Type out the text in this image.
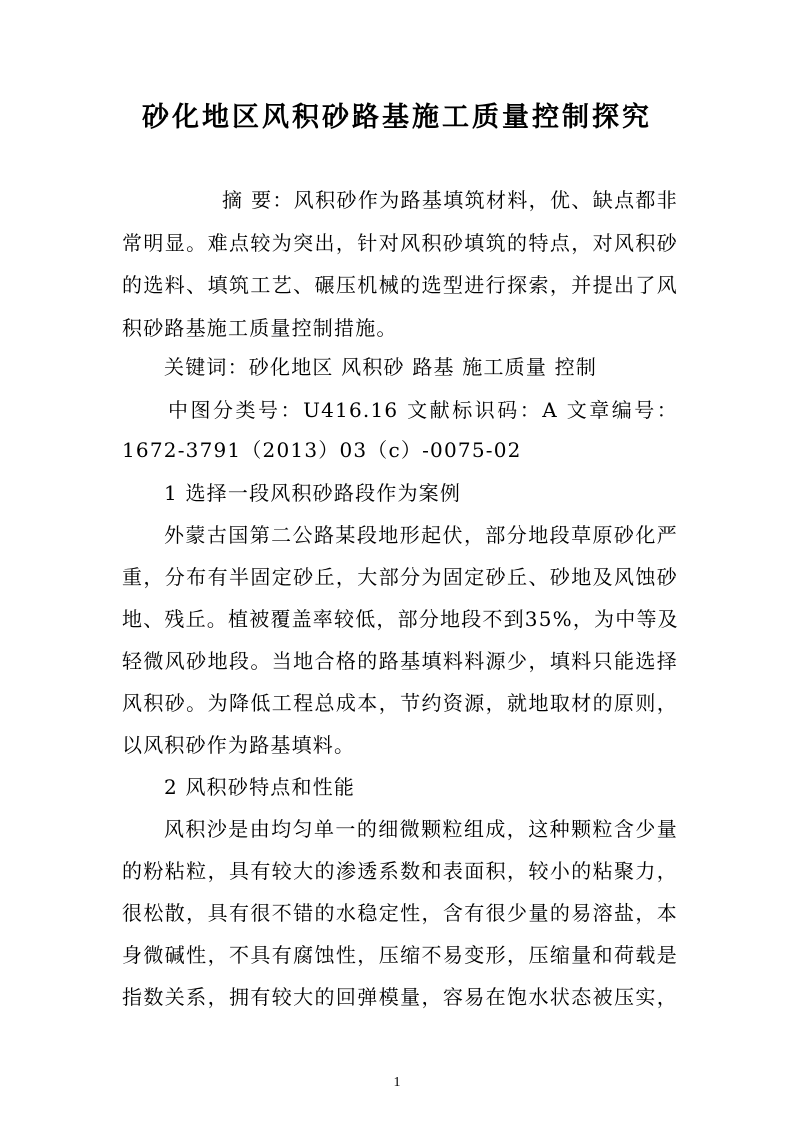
砂化地区风积砂路基施工质量控制探究
摘 要：风积砂作为路基填筑材料，优、缺点都非
常明显。难点较为突出，针对风积砂填筑的特点，对风积砂
的选料、填筑工艺、碾压机械的选型进行探索，并提出了风
积砂路基施工质量控制措施。
关键词：砂化地区 风积砂 路基 施工质量 控制
中图分类号：U416.16 文献标识码：A 文章编号：
1672-3791（2013）03（c）-0075-02
1 选择一段风积砂路段作为案例
外蒙古国第二公路某段地形起伏，部分地段草原砂化严
重，分布有半固定砂丘，大部分为固定砂丘、砂地及风蚀砂
地、残丘。植被覆盖率较低，部分地段不到35%，为中等及
轻微风砂地段。当地合格的路基填料料源少，填料只能选择
风积砂。为降低工程总成本，节约资源，就地取材的原则，
以风积砂作为路基填料。
2 风积砂特点和性能
风积沙是由均匀单一的细微颗粒组成，这种颗粒含少量
的粉粘粒，具有较大的渗透系数和表面积，较小的粘聚力，
很松散，具有很不错的水稳定性，含有很少量的易溶盐，本
身微碱性，不具有腐蚀性，压缩不易变形，压缩量和荷载是
指数关系，拥有较大的回弹模量，容易在饱水状态被压实，
1
